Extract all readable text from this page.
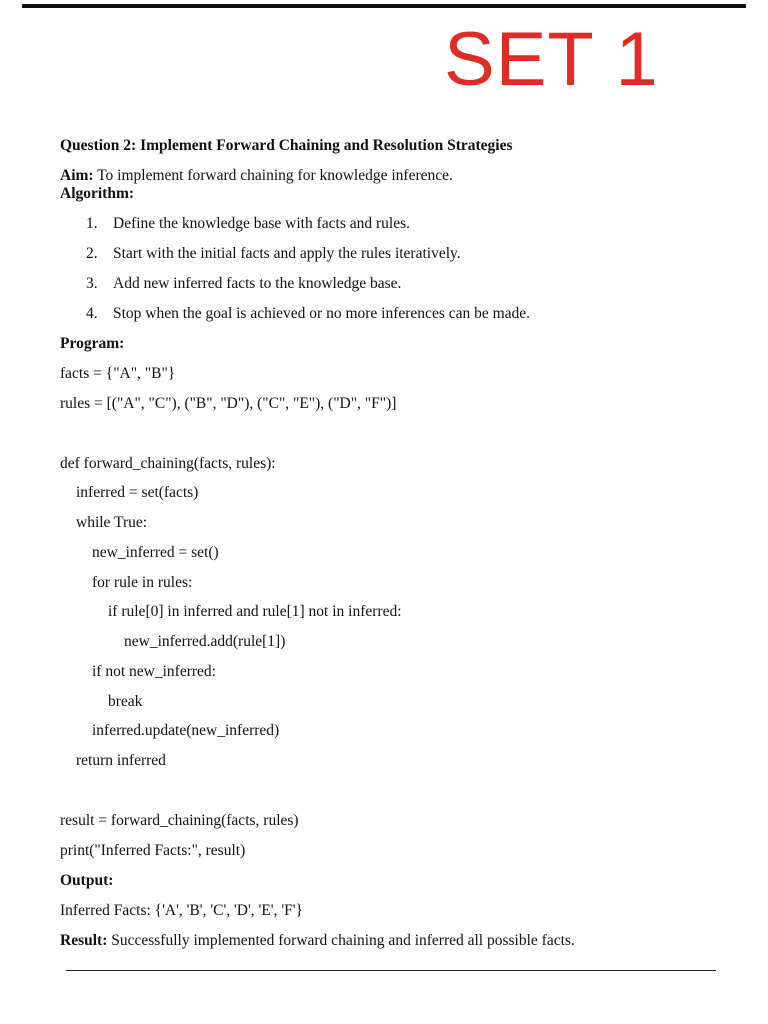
SET 1
Question 2: Implement Forward Chaining and Resolution Strategies
Aim: To implement forward chaining for knowledge inference.
Algorithm:
1. Define the knowledge base with facts and rules.
2. Start with the initial facts and apply the rules iteratively.
3. Add new inferred facts to the knowledge base.
4. Stop when the goal is achieved or no more inferences can be made.
Program:
facts = {"A", "B"}
rules = [("A", "C"), ("B", "D"), ("C", "E"), ("D", "F")]
def forward_chaining(facts, rules):
inferred = set(facts)
while True:
new_inferred = set()
for rule in rules:
if rule[0] in inferred and rule[1] not in inferred:
new_inferred.add(rule[1])
if not new_inferred:
break
inferred.update(new_inferred)
return inferred
result = forward_chaining(facts, rules)
print("Inferred Facts:", result)
Output:
Inferred Facts: {'A', 'B', 'C', 'D', 'E', 'F'}
Result: Successfully implemented forward chaining and inferred all possible facts.
